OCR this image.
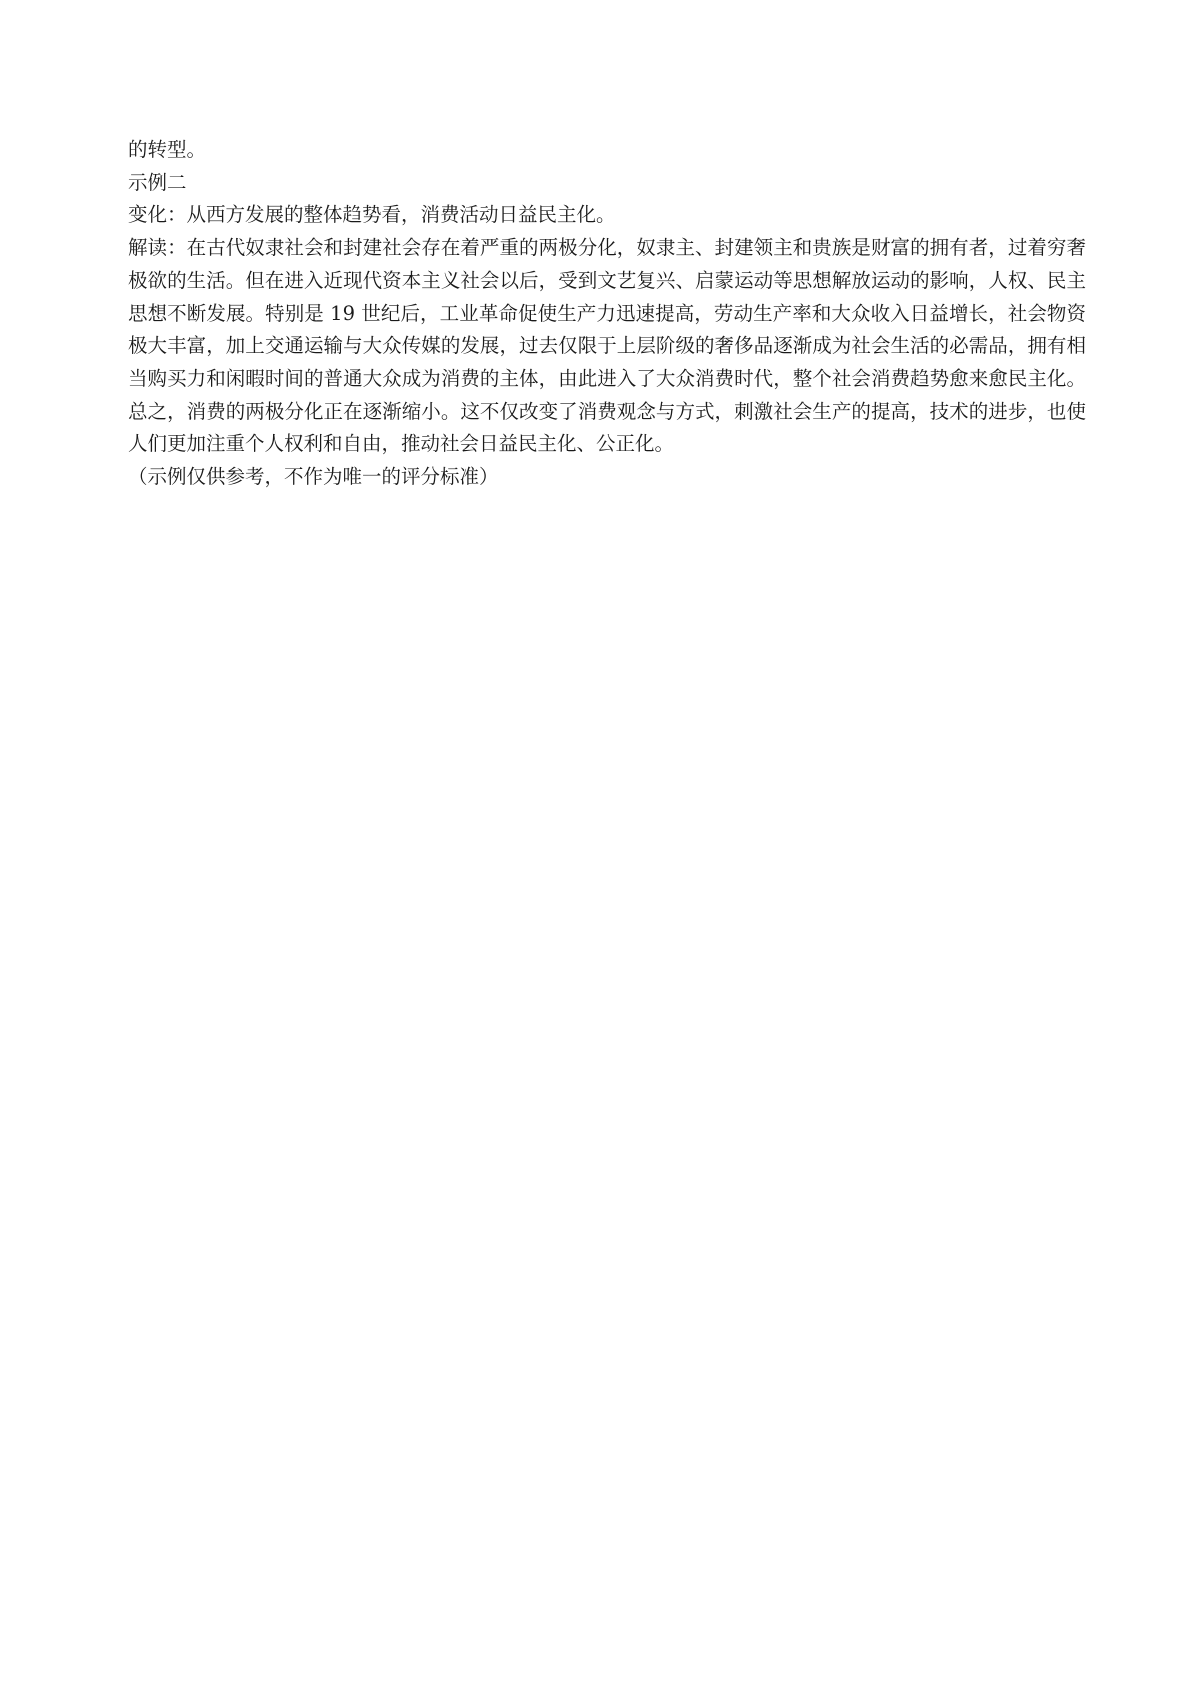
的转型。

示例二

变化：从西方发展的整体趋势看，消费活动日益民主化。

解读：在古代奴隶社会和封建社会存在着严重的两极分化，奴隶主、封建领主和贵族是财富的拥有者，过着穷奢极欲的生活。但在进入近现代资本主义社会以后，受到文艺复兴、启蒙运动等思想解放运动的影响，人权、民主思想不断发展。特别是 19 世纪后，工业革命促使生产力迅速提高，劳动生产率和大众收入日益增长，社会物资极大丰富，加上交通运输与大众传媒的发展，过去仅限于上层阶级的奢侈品逐渐成为社会生活的必需品，拥有相当购买力和闲暇时间的普通大众成为消费的主体，由此进入了大众消费时代，整个社会消费趋势愈来愈民主化。总之，消费的两极分化正在逐渐缩小。这不仅改变了消费观念与方式，刺激社会生产的提高，技术的进步，也使人们更加注重个人权利和自由，推动社会日益民主化、公正化。

（示例仅供参考，不作为唯一的评分标准）
